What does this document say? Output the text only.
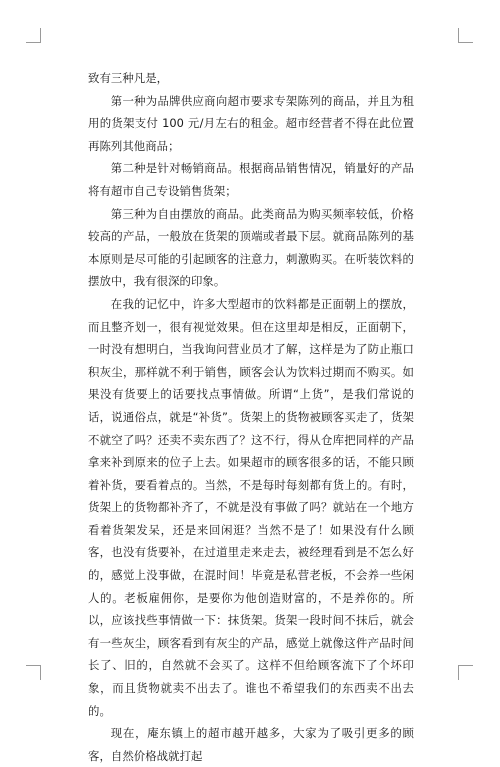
致有三种凡是，

第一种为品牌供应商向超市要求专架陈列的商品，并且为租用的货架支付 100 元/月左右的租金。超市经营者不得在此位置再陈列其他商品；

第二种是针对畅销商品。根据商品销售情况，销量好的产品将有超市自己专设销售货架；

第三种为自由摆放的商品。此类商品为购买频率较低，价格较高的产品，一般放在货架的顶端或者最下层。就商品陈列的基本原则是尽可能的引起顾客的注意力，刺激购买。在听装饮料的摆放中，我有很深的印象。

在我的记忆中，许多大型超市的饮料都是正面朝上的摆放，而且整齐划一，很有视觉效果。但在这里却是相反，正面朝下，一时没有想明白，当我询问营业员才了解，这样是为了防止瓶口积灰尘，那样就不利于销售，顾客会认为饮料过期而不购买。如果没有货要上的话要找点事情做。所谓“上货”，是我们常说的话，说通俗点，就是“补货”。货架上的货物被顾客买走了，货架不就空了吗？还卖不卖东西了？这不行，得从仓库把同样的产品拿来补到原来的位子上去。如果超市的顾客很多的话，不能只顾着补货，要看着点的。当然，不是每时每刻都有货上的。有时，货架上的货物都补齐了，不就是没有事做了吗？就站在一个地方看着货架发呆，还是来回闲逛？当然不是了！如果没有什么顾客，也没有货要补，在过道里走来走去，被经理看到是不怎么好的，感觉上没事做，在混时间！毕竟是私营老板，不会养一些闲人的。老板雇佣你，是要你为他创造财富的，不是养你的。所以，应该找些事情做一下：抹货架。货架一段时间不抹后，就会有一些灰尘，顾客看到有灰尘的产品，感觉上就像这件产品时间长了、旧的，自然就不会买了。这样不但给顾客流下了个坏印象，而且货物就卖不出去了。谁也不希望我们的东西卖不出去的。

现在，庵东镇上的超市越开越多，大家为了吸引更多的顾客，自然价格战就打起
